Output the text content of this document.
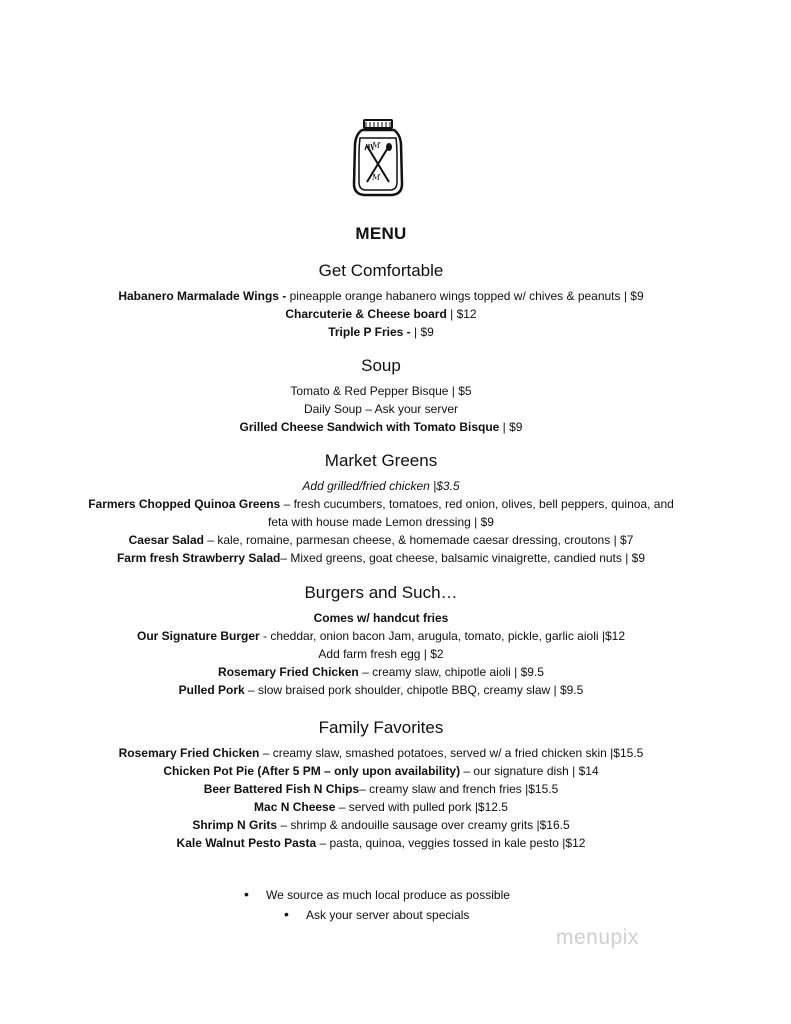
M
M
MENU
Get Comfortable
Habanero Marmalade Wings - pineapple orange habanero wings topped w/ chives & peanuts | $9
Charcuterie & Cheese board | $12
Triple P Fries - | $9
Soup
Tomato & Red Pepper Bisque | $5
Daily Soup – Ask your server
Grilled Cheese Sandwich with Tomato Bisque | $9
Market Greens
Add grilled/fried chicken |$3.5
Farmers Chopped Quinoa Greens – fresh cucumbers, tomatoes, red onion, olives, bell peppers, quinoa, and feta with house made Lemon dressing | $9
Caesar Salad – kale, romaine, parmesan cheese, & homemade caesar dressing, croutons | $7
Farm fresh Strawberry Salad– Mixed greens, goat cheese, balsamic vinaigrette, candied nuts | $9
Burgers and Such…
Comes w/ handcut fries
Our Signature Burger - cheddar, onion bacon Jam, arugula, tomato, pickle, garlic aioli |$12
Add farm fresh egg | $2
Rosemary Fried Chicken – creamy slaw, chipotle aioli | $9.5
Pulled Pork – slow braised pork shoulder, chipotle BBQ, creamy slaw | $9.5
Family Favorites
Rosemary Fried Chicken – creamy slaw, smashed potatoes, served w/ a fried chicken skin |$15.5
Chicken Pot Pie (After 5 PM – only upon availability) – our signature dish | $14
Beer Battered Fish N Chips– creamy slaw and french fries |$15.5
Mac N Cheese – served with pulled pork |$12.5
Shrimp N Grits – shrimp & andouille sausage over creamy grits |$16.5
Kale Walnut Pesto Pasta – pasta, quinoa, veggies tossed in kale pesto |$12
• We source as much local produce as possible
• Ask your server about specials
menupix
